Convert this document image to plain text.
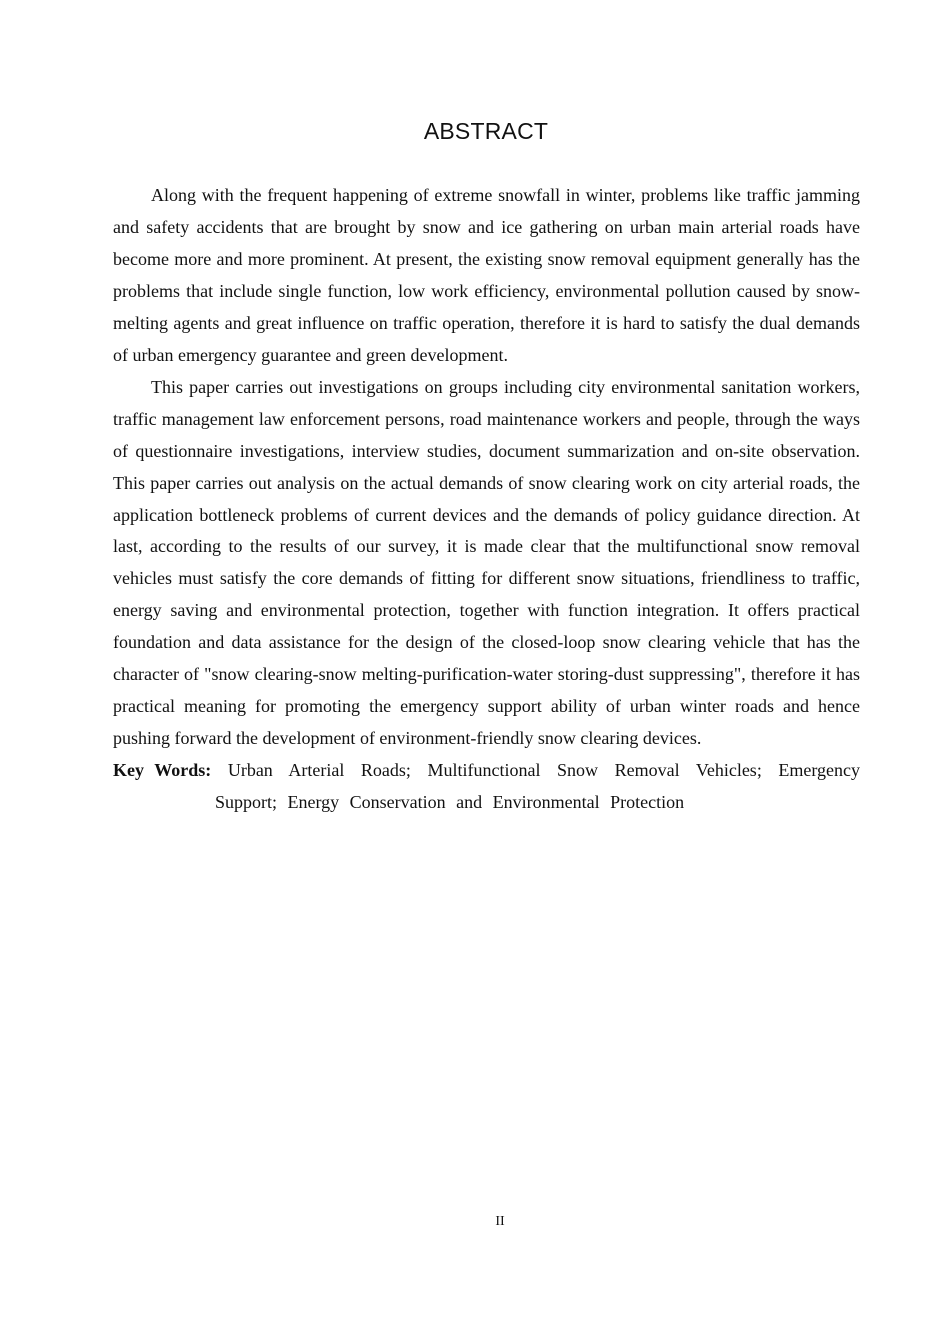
ABSTRACT

Along with the frequent happening of extreme snowfall in winter, problems like traffic jamming and safety accidents that are brought by snow and ice gathering on urban main arterial roads have become more and more prominent. At present, the existing snow removal equipment generally has the problems that include single function, low work efficiency, environmental pollution caused by snow-melting agents and great influence on traffic operation, therefore it is hard to satisfy the dual demands of urban emergency guarantee and green development.

This paper carries out investigations on groups including city environmental sanitation workers, traffic management law enforcement persons, road maintenance workers and people, through the ways of questionnaire investigations, interview studies, document summarization and on-site observation. This paper carries out analysis on the actual demands of snow clearing work on city arterial roads, the application bottleneck problems of current devices and the demands of policy guidance direction. At last, according to the results of our survey, it is made clear that the multifunctional snow removal vehicles must satisfy the core demands of fitting for different snow situations, friendliness to traffic, energy saving and environmental protection, together with function integration. It offers practical foundation and data assistance for the design of the closed-loop snow clearing vehicle that has the character of "snow clearing-snow melting-purification-water storing-dust suppressing", therefore it has practical meaning for promoting the emergency support ability of urban winter roads and hence pushing forward the development of environment-friendly snow clearing devices.

Key Words: Urban Arterial Roads; Multifunctional Snow Removal Vehicles; Emergency Support; Energy Conservation and Environmental Protection

II
